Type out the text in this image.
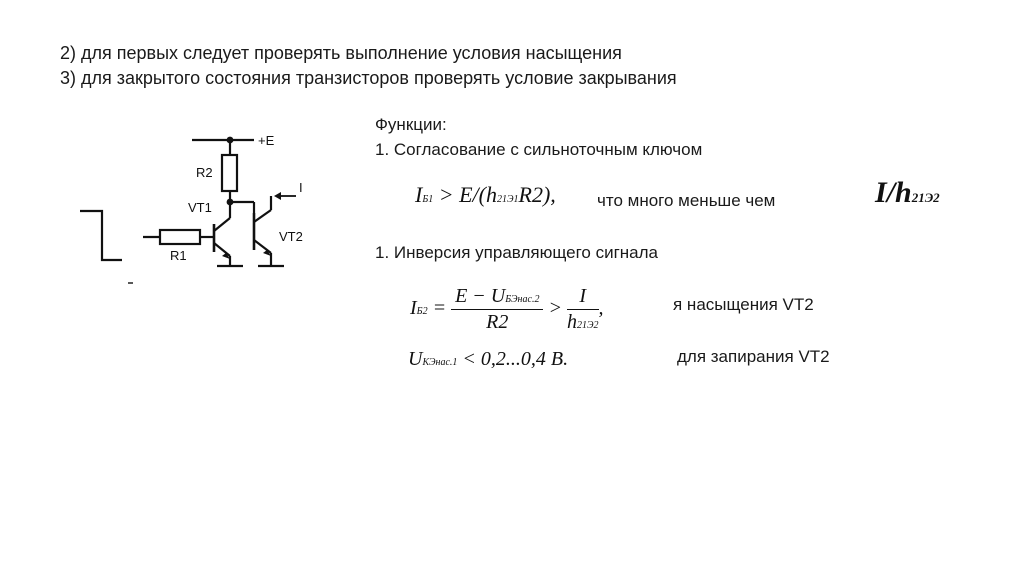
2) для первых следует проверять выполнение условия насыщения
3) для закрытого состояния транзисторов проверять условие закрывания
+E
R2
VT1
R1
VT2
I
Функции:
1. Согласование с сильноточным ключом
IБ1 > E/(h21Э1R2), что много меньше чем	I/h21Э2
1. Инверсия управляющего сигнала
$IБ2 = \frac{\text{E − UБЭнас.2}}{R2} > \frac{I}{h21Э2}$ ,	я насыщения VT2
UКЭнас.1 < 0,2...0,4 B.	для запирания VT2
